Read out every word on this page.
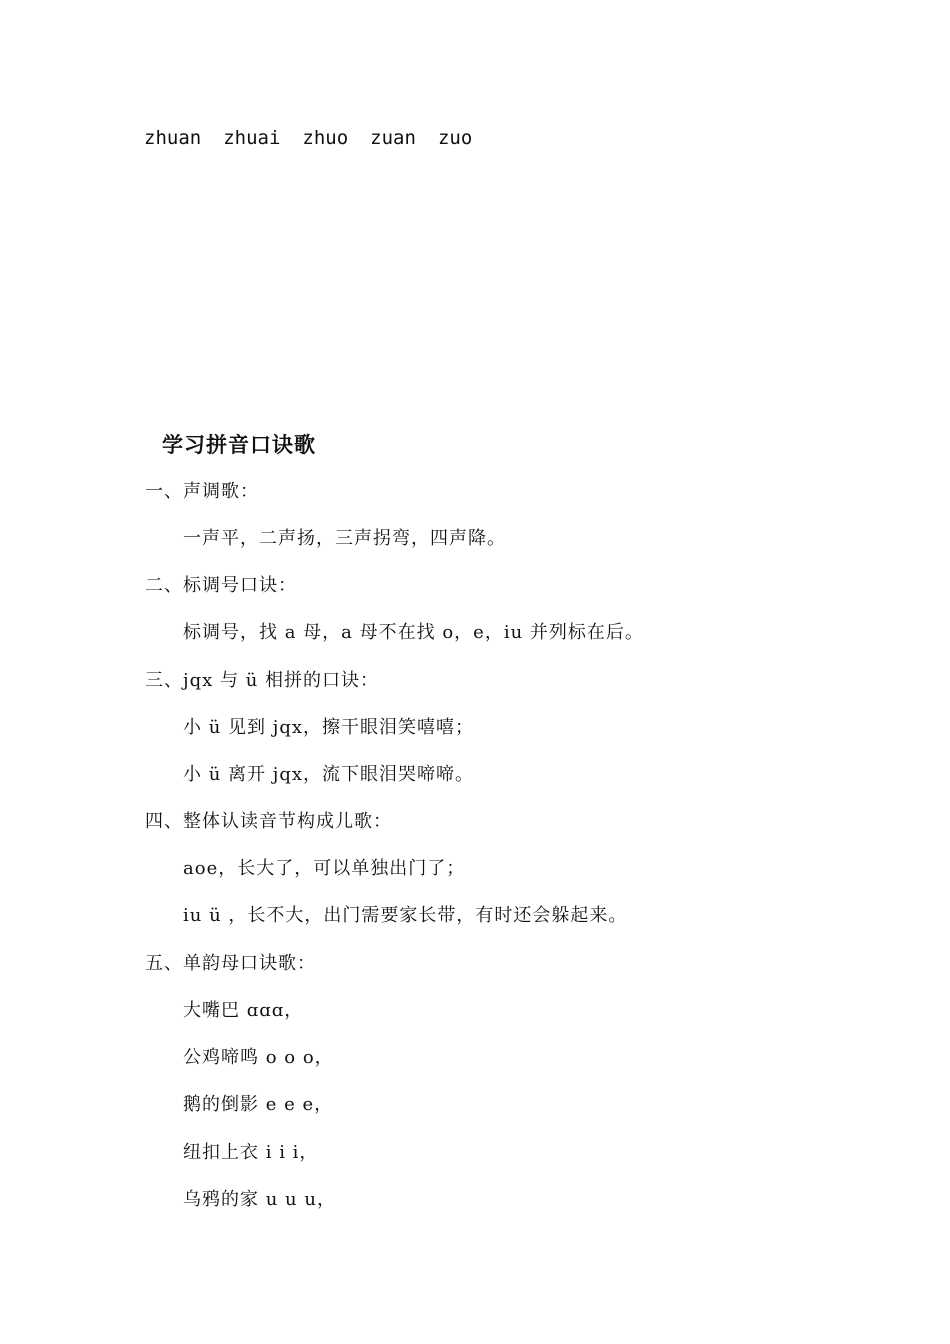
zhuan zhuai zhuo zuan zuo
学习拼音口诀歌
一、声调歌：
一声平，二声扬，三声拐弯，四声降。
二、标调号口诀：
标调号，找 a 母，a 母不在找 o，e，iu 并列标在后。
三、jqx 与 ü 相拼的口诀：
小 ü 见到 jqx，擦干眼泪笑嘻嘻；
小 ü 离开 jqx，流下眼泪哭啼啼。
四、整体认读音节构成儿歌：
aoe，长大了，可以单独出门了；
iu ü ，长不大，出门需要家长带，有时还会躲起来。
五、单韵母口诀歌：
大嘴巴 ɑɑɑ，
公鸡啼鸣 o o o，
鹅的倒影 e e e，
纽扣上衣 i i i，
乌鸦的家 u u u，
